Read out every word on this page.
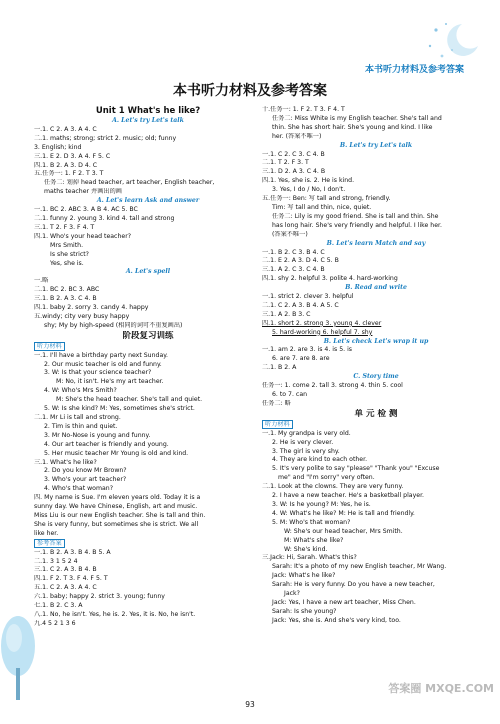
本书听力材料及参考答案
本书听力材料及参考答案
Unit 1 What's he like?
A. Let's try Let's talk
一.1. C 2. A 3. A 4. C
二.1. maths; strong; strict 2. music; old; funny
3. English; kind
三.1. E 2. D 3. A 4. F 5. C
四.1. B 2. A 3. D 4. C
五.任务一: 1. F 2. T 3. T
任务二: 划掉 head teacher, art teacher, English teacher,
maths teacher 并画出的画
A. Let's learn Ask and answer
一.1. BC 2. ABC 3. A B 4. AC 5. BC
二.1. funny 2. young 3. kind 4. tall and strong
三.1. T 2. F 3. F 4. T
四.1. Who's your head teacher?
Mrs Smith.
Is she strict?
Yes, she is.
A. Let's spell
一.略
二.1. BC 2. BC 3. ABC
三.1. B 2. A 3. C 4. B
四.1. baby 2. sorry 3. candy 4. happy
五.windy; city very busy happy
shy; My by high-speed (相同的词可不重复画出)
阶段复习训练
听力材料
一.1. I'll have a birthday party next Sunday.
2. Our music teacher is old and funny.
3. W: Is that your science teacher?
M: No, it isn't. He's my art teacher.
4. W: Who's Mrs Smith?
M: She's the head teacher. She's tall and quiet.
5. W: Is she kind? M: Yes, sometimes she's strict.
二.1. Mr Li is tall and strong.
2. Tim is thin and quiet.
3. Mr No-Nose is young and funny.
4. Our art teacher is friendly and young.
5. Her music teacher Mr Young is old and kind.
三.1. What's he like?
2. Do you know Mr Brown?
3. Who's your art teacher?
4. Who's that woman?
四. My name is Sue. I'm eleven years old. Today it is a
sunny day. We have Chinese, English, art and music.
Miss Liu is our new English teacher. She is tall and thin.
She is very funny, but sometimes she is strict. We all
like her.
参考答案
一.1. B 2. A 3. B 4. B 5. A
二.1. 3 1 5 2 4
三.1. C 2. A 3. B 4. B
四.1. F 2. T 3. F 4. F 5. T
五.1. C 2. A 3. A 4. C
六.1. baby; happy 2. strict 3. young; funny
七.1. B 2. C 3. A
八.1. No, he isn't. Yes, he is. 2. Yes, it is. No, he isn't.
九.4 5 2 1 3 6
十.任务一: 1. F 2. T 3. F 4. T
任务二: Miss White is my English teacher. She's tall and
thin. She has short hair. She's young and kind. I like
her. (答案不唯一)
B. Let's try Let's talk
一.1. C 2. C 3. C 4. B
二.1. T 2. F 3. T
三.1. D 2. A 3. C 4. B
四.1. Yes, she is. 2. He is kind.
3. Yes, I do / No, I don't.
五.任务一: Ben: 写 tall and strong, friendly.
Tim: 写 tall and thin, nice, quiet.
任务二: Lily is my good friend. She is tall and thin. She
has long hair. She's very friendly and helpful. I like her.
(答案不唯一)
B. Let's learn Match and say
一.1. B 2. C 3. B 4. C
二.1. E 2. A 3. D 4. C 5. B
三.1. A 2. C 3. C 4. B
四.1. shy 2. helpful 3. polite 4. hard-working
B. Read and write
一.1. strict 2. clever 3. helpful
二.1. C 2. A 3. B 4. A 5. C
三.1. A 2. B 3. C
四.1. short 2. strong 3. young 4. clever
5. hard-working 6. helpful 7. shy
B. Let's check Let's wrap it up
一.1. am 2. are 3. is 4. is 5. is
6. are 7. are 8. are
二.1. B 2. A
C. Story time
任务一: 1. come 2. tall 3. strong 4. thin 5. cool
6. to 7. can
任务二: 略
单 元 检 测
听力材料
一.1. My grandpa is very old.
2. He is very clever.
3. The girl is very shy.
4. They are kind to each other.
5. It's very polite to say "please" "Thank you" "Excuse
me" and "I'm sorry" very often.
二.1. Look at the clowns. They are very funny.
2. I have a new teacher. He's a basketball player.
3. W: Is he young? M: Yes, he is.
4. W: What's he like? M: He is tall and friendly.
5. M: Who's that woman?
W: She's our head teacher, Mrs Smith.
M: What's she like?
W: She's kind.
三.Jack: Hi, Sarah. What's this?
Sarah: It's a photo of my new English teacher, Mr Wang.
Jack: What's he like?
Sarah: He is very funny. Do you have a new teacher,
Jack?
Jack: Yes, I have a new art teacher, Miss Chen.
Sarah: Is she young?
Jack: Yes, she is. And she's very kind, too.
93
答案圈 MXQE.COM
